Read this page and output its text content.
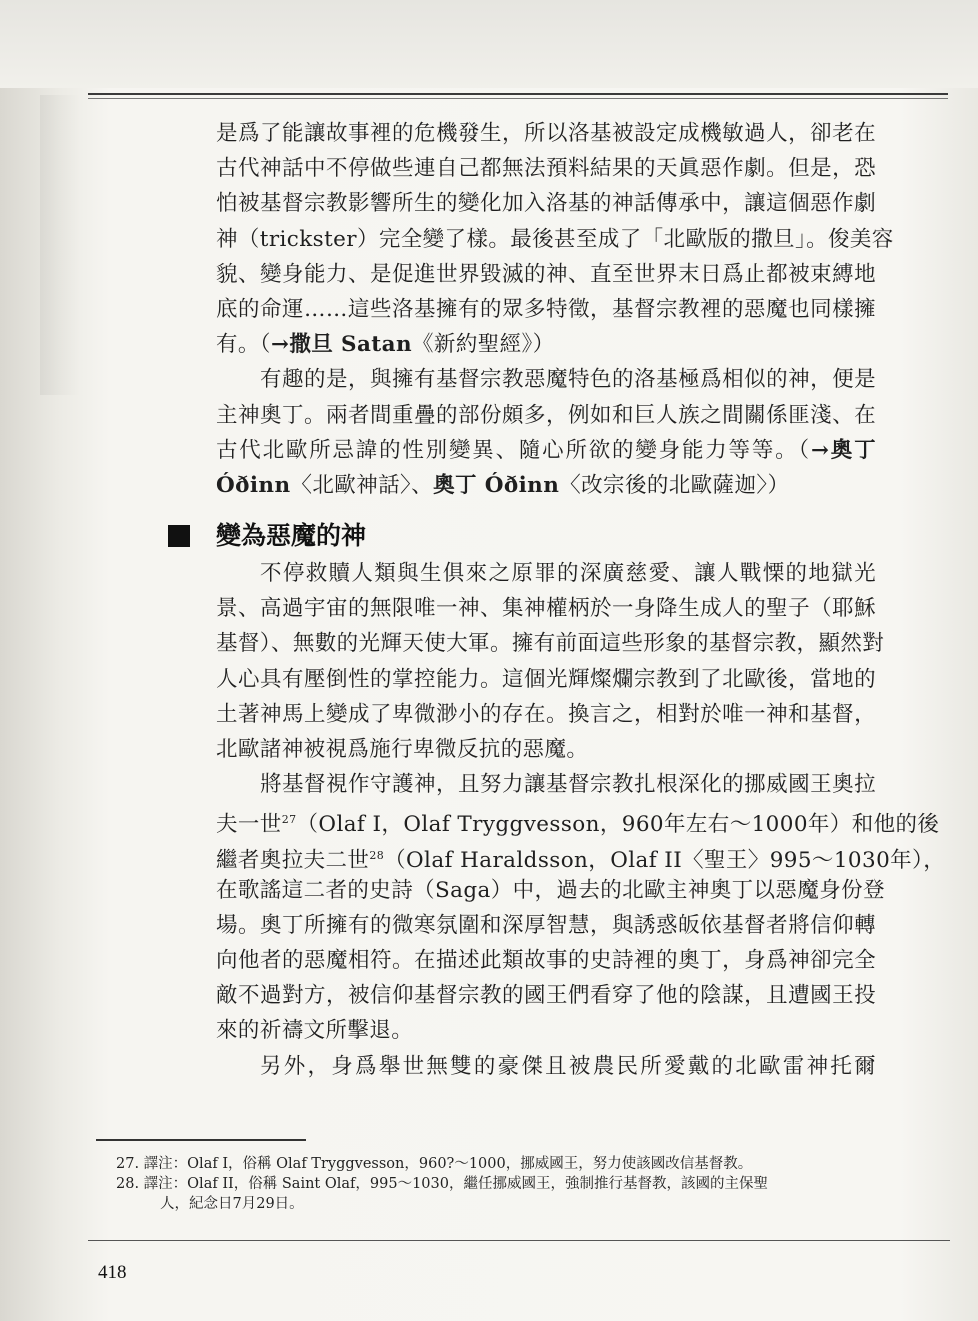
是爲了能讓故事裡的危機發生，所以洛基被設定成機敏過人，卻老在
古代神話中不停做些連自己都無法預料結果的天眞惡作劇。但是，恐
怕被基督宗教影響所生的變化加入洛基的神話傳承中，讓這個惡作劇
神（trickster）完全變了樣。最後甚至成了「北歐版的撒旦」。俊美容
貌、變身能力、是促進世界毀滅的神、直至世界末日爲止都被束縛地
底的命運……這些洛基擁有的眾多特徵，基督宗教裡的惡魔也同樣擁
有。（→撒旦 Satan《新約聖經》）

有趣的是，與擁有基督宗教惡魔特色的洛基極爲相似的神，便是
主神奧丁。兩者間重疊的部份頗多，例如和巨人族之間關係匪淺、在
古代北歐所忌諱的性別變異、隨心所欲的變身能力等等。（→奧丁
Óðinn〈北歐神話〉、奧丁 Óðinn〈改宗後的北歐薩迦〉）

變為惡魔的神

不停救贖人類與生俱來之原罪的深廣慈愛、讓人戰慄的地獄光
景、高過宇宙的無限唯一神、集神權柄於一身降生成人的聖子（耶穌
基督）、無數的光輝天使大軍。擁有前面這些形象的基督宗教，顯然對
人心具有壓倒性的掌控能力。這個光輝燦爛宗教到了北歐後，當地的
土著神馬上變成了卑微渺小的存在。換言之，相對於唯一神和基督，
北歐諸神被視爲施行卑微反抗的惡魔。

將基督視作守護神，且努力讓基督宗教扎根深化的挪威國王奧拉
夫一世$^{27}$（Olaf I，Olaf Tryggvesson，960年左右～1000年）和他的後
繼者奧拉夫二世$^{28}$（Olaf Haraldsson，Olaf II〈聖王〉995～1030年），
在歌謠這二者的史詩（Saga）中，過去的北歐主神奧丁以惡魔身份登
場。奧丁所擁有的微寒氛圍和深厚智慧，與誘惑皈依基督者將信仰轉
向他者的惡魔相符。在描述此類故事的史詩裡的奧丁，身爲神卻完全
敵不過對方，被信仰基督宗教的國王們看穿了他的陰謀，且遭國王投
來的祈禱文所擊退。

另外，身爲舉世無雙的豪傑且被農民所愛戴的北歐雷神托爾

27. 譯注：Olaf I，俗稱 Olaf Tryggvesson，960?～1000，挪威國王，努力使該國改信基督教。
28. 譯注：Olaf II，俗稱 Saint Olaf，995～1030，繼任挪威國王，強制推行基督教，該國的主保聖
人，紀念日7月29日。
418
